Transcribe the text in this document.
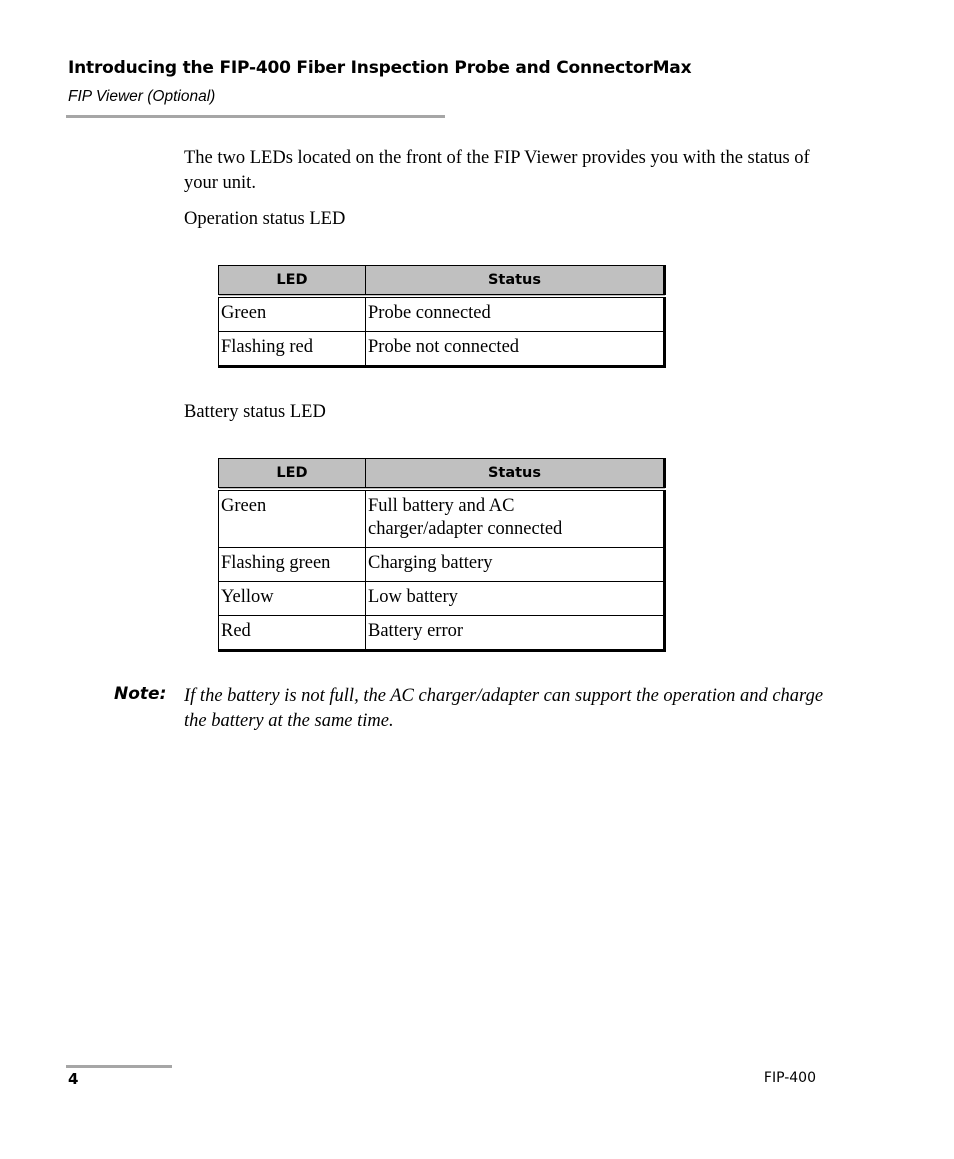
Introducing the FIP-400 Fiber Inspection Probe and ConnectorMax
FIP Viewer (Optional)

The two LEDs located on the front of the FIP Viewer provides you with the status of your unit.

Operation status LED
LED	Status
Green	Probe connected
Flashing red	Probe not connected
Battery status LED
LED	Status
Green	Full battery and AC charger/adapter connected
Flashing green	Charging battery
Yellow	Low battery
Red	Battery error
Note: If the battery is not full, the AC charger/adapter can support the operation and charge the battery at the same time.
4	FIP-400
